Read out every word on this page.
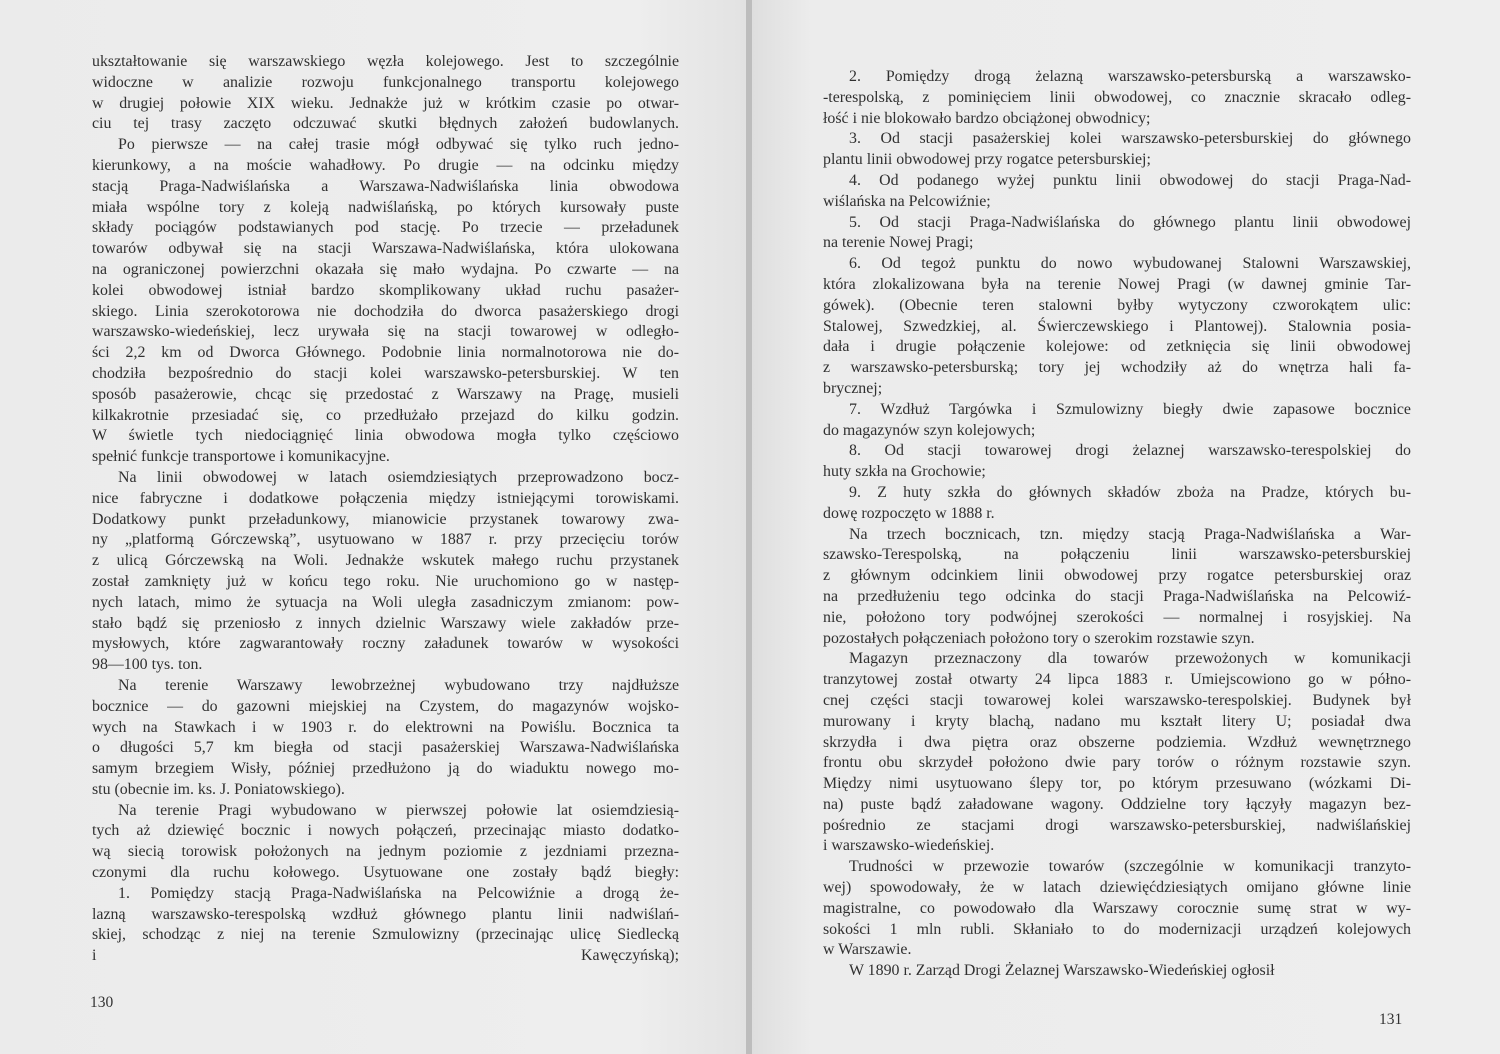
ukształtowanie się warszawskiego węzła kolejowego. Jest to szczególnie
widoczne w analizie rozwoju funkcjonalnego transportu kolejowego
w drugiej połowie XIX wieku. Jednakże już w krótkim czasie po otwar-
ciu tej trasy zaczęto odczuwać skutki błędnych założeń budowlanych.
Po pierwsze — na całej trasie mógł odbywać się tylko ruch jedno-
kierunkowy, a na moście wahadłowy. Po drugie — na odcinku między
stacją Praga-Nadwiślańska a Warszawa-Nadwiślańska linia obwodowa
miała wspólne tory z koleją nadwiślańską, po których kursowały puste
składy pociągów podstawianych pod stację. Po trzecie — przeładunek
towarów odbywał się na stacji Warszawa-Nadwiślańska, która ulokowana
na ograniczonej powierzchni okazała się mało wydajna. Po czwarte — na
kolei obwodowej istniał bardzo skomplikowany układ ruchu pasażer-
skiego. Linia szerokotorowa nie dochodziła do dworca pasażerskiego drogi
warszawsko-wiedeńskiej, lecz urywała się na stacji towarowej w odległo-
ści 2,2 km od Dworca Głównego. Podobnie linia normalnotorowa nie do-
chodziła bezpośrednio do stacji kolei warszawsko-petersburskiej. W ten
sposób pasażerowie, chcąc się przedostać z Warszawy na Pragę, musieli
kilkakrotnie przesiadać się, co przedłużało przejazd do kilku godzin.
W świetle tych niedociągnięć linia obwodowa mogła tylko częściowo
spełnić funkcje transportowe i komunikacyjne.
Na linii obwodowej w latach osiemdziesiątych przeprowadzono bocz-
nice fabryczne i dodatkowe połączenia między istniejącymi torowiskami.
Dodatkowy punkt przeładunkowy, mianowicie przystanek towarowy zwa-
ny „platformą Górczewską”, usytuowano w 1887 r. przy przecięciu torów
z ulicą Górczewską na Woli. Jednakże wskutek małego ruchu przystanek
został zamknięty już w końcu tego roku. Nie uruchomiono go w następ-
nych latach, mimo że sytuacja na Woli uległa zasadniczym zmianom: pow-
stało bądź się przeniosło z innych dzielnic Warszawy wiele zakładów prze-
mysłowych, które zagwarantowały roczny załadunek towarów w wysokości
98—100 tys. ton.
Na terenie Warszawy lewobrzeżnej wybudowano trzy najdłuższe
bocznice — do gazowni miejskiej na Czystem, do magazynów wojsko-
wych na Stawkach i w 1903 r. do elektrowni na Powiślu. Bocznica ta
o długości 5,7 km biegła od stacji pasażerskiej Warszawa-Nadwiślańska
samym brzegiem Wisły, później przedłużono ją do wiaduktu nowego mo-
stu (obecnie im. ks. J. Poniatowskiego).
Na terenie Pragi wybudowano w pierwszej połowie lat osiemdziesią-
tych aż dziewięć bocznic i nowych połączeń, przecinając miasto dodatko-
wą siecią torowisk położonych na jednym poziomie z jezdniami przezna-
czonymi dla ruchu kołowego. Usytuowane one zostały bądź biegły:
1. Pomiędzy stacją Praga-Nadwiślańska na Pelcowiźnie a drogą że-
lazną warszawsko-terespolską wzdłuż głównego plantu linii nadwiślań-
skiej, schodząc z niej na terenie Szmulowizny (przecinając ulicę Siedlecką
i Kawęczyńską);
130
2. Pomiędzy drogą żelazną warszawsko-petersburską a warszawsko-
-terespolską, z pominięciem linii obwodowej, co znacznie skracało odleg-
łość i nie blokowało bardzo obciążonej obwodnicy;
3. Od stacji pasażerskiej kolei warszawsko-petersburskiej do głównego
plantu linii obwodowej przy rogatce petersburskiej;
4. Od podanego wyżej punktu linii obwodowej do stacji Praga-Nad-
wiślańska na Pelcowiźnie;
5. Od stacji Praga-Nadwiślańska do głównego plantu linii obwodowej
na terenie Nowej Pragi;
6. Od tegoż punktu do nowo wybudowanej Stalowni Warszawskiej,
która zlokalizowana była na terenie Nowej Pragi (w dawnej gminie Tar-
gówek). (Obecnie teren stalowni byłby wytyczony czworokątem ulic:
Stalowej, Szwedzkiej, al. Świerczewskiego i Plantowej). Stalownia posia-
dała i drugie połączenie kolejowe: od zetknięcia się linii obwodowej
z warszawsko-petersburską; tory jej wchodziły aż do wnętrza hali fa-
brycznej;
7. Wzdłuż Targówka i Szmulowizny biegły dwie zapasowe bocznice
do magazynów szyn kolejowych;
8. Od stacji towarowej drogi żelaznej warszawsko-terespolskiej do
huty szkła na Grochowie;
9. Z huty szkła do głównych składów zboża na Pradze, których bu-
dowę rozpoczęto w 1888 r.
Na trzech bocznicach, tzn. między stacją Praga-Nadwiślańska a War-
szawsko-Terespolską, na połączeniu linii warszawsko-petersburskiej
z głównym odcinkiem linii obwodowej przy rogatce petersburskiej oraz
na przedłużeniu tego odcinka do stacji Praga-Nadwiślańska na Pelcowiź-
nie, położono tory podwójnej szerokości — normalnej i rosyjskiej. Na
pozostałych połączeniach położono tory o szerokim rozstawie szyn.
Magazyn przeznaczony dla towarów przewożonych w komunikacji
tranzytowej został otwarty 24 lipca 1883 r. Umiejscowiono go w półno-
cnej części stacji towarowej kolei warszawsko-terespolskiej. Budynek był
murowany i kryty blachą, nadano mu kształt litery U; posiadał dwa
skrzydła i dwa piętra oraz obszerne podziemia. Wzdłuż wewnętrznego
frontu obu skrzydeł położono dwie pary torów o różnym rozstawie szyn.
Między nimi usytuowano ślepy tor, po którym przesuwano (wózkami Di-
na) puste bądź załadowane wagony. Oddzielne tory łączyły magazyn bez-
pośrednio ze stacjami drogi warszawsko-petersburskiej, nadwiślańskiej
i warszawsko-wiedeńskiej.
Trudności w przewozie towarów (szczególnie w komunikacji tranzyto-
wej) spowodowały, że w latach dziewięćdziesiątych omijano główne linie
magistralne, co powodowało dla Warszawy corocznie sumę strat w wy-
sokości 1 mln rubli. Skłaniało to do modernizacji urządzeń kolejowych
w Warszawie.
W 1890 r. Zarząd Drogi Żelaznej Warszawsko-Wiedeńskiej ogłosił
131
